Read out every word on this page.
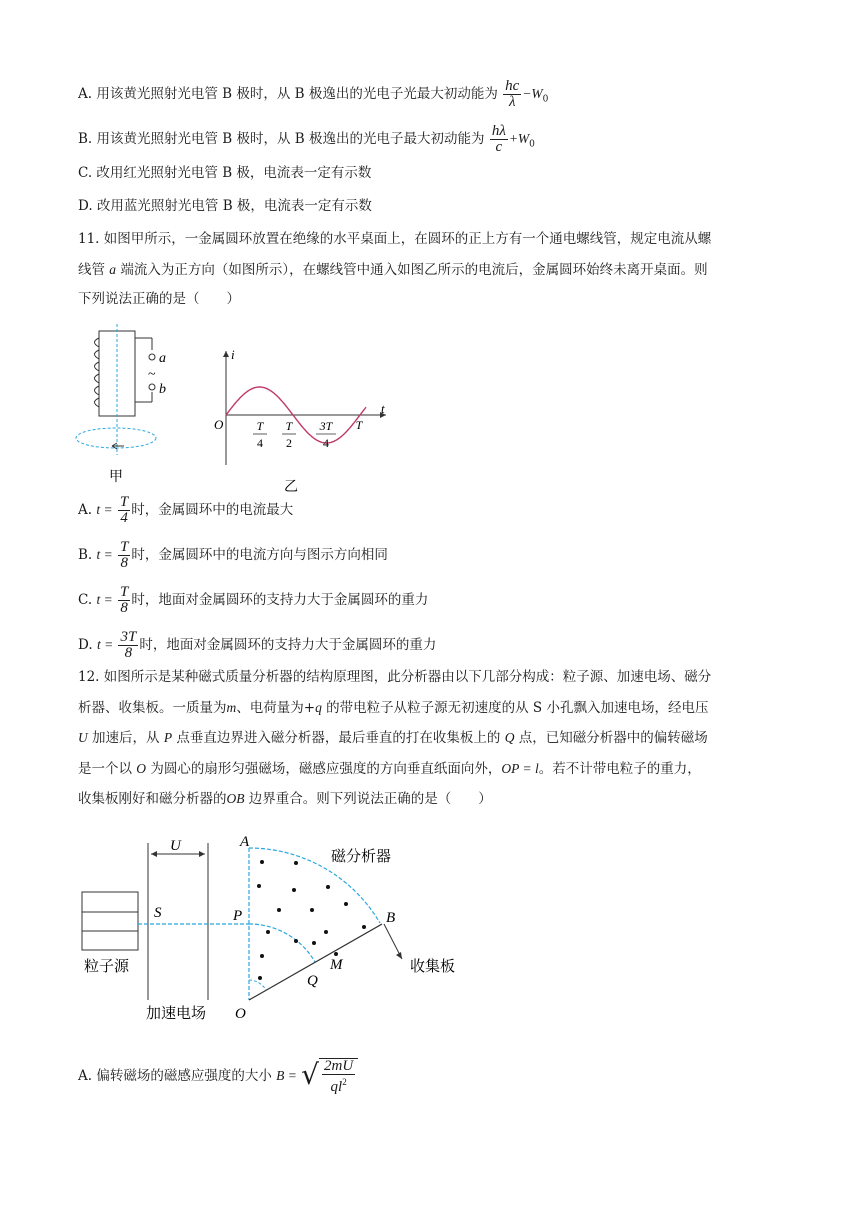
A. 用该黄光照射光电管 B 极时，从 B 极逸出的光电子光最大初动能为 $\frac{hc}{\lambda} -W_0$
B. 用该黄光照射光电管 B 极时，从 B 极逸出的光电子最大初动能为 $\frac{h\lambda}{c} +W_0$
C. 改用红光照射光电管 B 极，电流表一定有示数
D. 改用蓝光照射光电管 B 极，电流表一定有示数
11. 如图甲所示，一金属圆环放置在绝缘的水平桌面上，在圆环的正上方有一个通电螺线管，规定电流从螺
线管 a 端流入为正方向（如图所示），在螺线管中通入如图乙所示的电流后，金属圆环始终未离开桌面。则
下列说法正确的是（　　）
a
b
~
甲
i
t
O	T
4
T
2
3T
4
T
乙
A. $t = \frac{T}{4}$ 时，金属圆环中的电流最大
B. $t = \frac{T}{8}$ 时，金属圆环中的电流方向与图示方向相同
C. $t = \frac{T}{8}$ 时，地面对金属圆环的支持力大于金属圆环的重力
D. $t = \frac{3T}{8}$ 时，地面对金属圆环的支持力大于金属圆环的重力
12. 如图所示是某种磁式质量分析器的结构原理图，此分析器由以下几部分构成：粒子源、加速电场、磁分
析器、收集板。一质量为m、电荷量为+q 的带电粒子从粒子源无初速度的从 S 小孔飘入加速电场，经电压
U 加速后，从 P 点垂直边界进入磁分析器，最后垂直的打在收集板上的 Q 点，已知磁分析器中的偏转磁场
是一个以 O 为圆心的扇形匀强磁场，磁感应强度的方向垂直纸面向外，OP = l。若不计带电粒子的重力，
收集板刚好和磁分析器的OB 边界重合。则下列说法正确的是（　　）
粒子源
U
加速电场
S
A
P	B
Q
M
O
磁分析器
收集板
A. 偏转磁场的磁感应强度的大小 B = √ $\frac{2mU}{ql^2}$
